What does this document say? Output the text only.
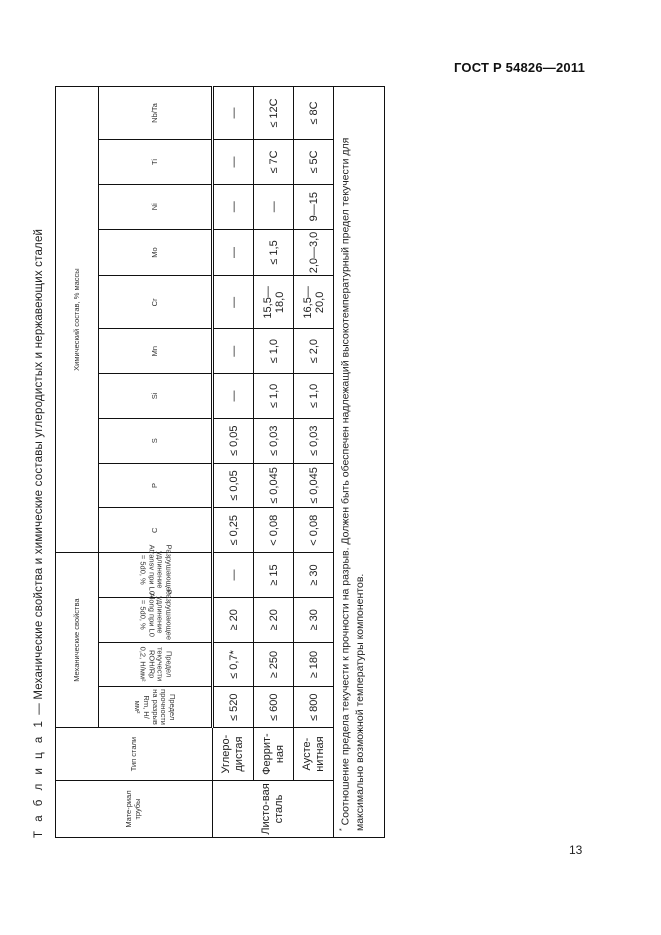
ГОСТ Р 54826—2011
Т а б л и ц а 1 — Механические свойства и химические составы углеродистых и нержавеющих сталей
Мате-риал трубы	Тип стали	Механические свойства				Химический состав, % массы									
		Предел прочности на разрыв Rm, Н/мм²	Предел текучести ROH/Rp 0,2, Н/мм²	Разрушающее удлинение Along при L0 = 5d0, %	Разрушающее удлинение Atransv при L0 = 5d0, %	C	P	S	Si	Mn	Cr	Mo	Ni	Ti	Nb/Ta
Листо-вая сталь	Углеро-дистая	≤ 520	≤ 0,7*	≥ 20	—	≤ 0,25	≤ 0,05	≤ 0,05	—	—	—	—	—	—	—
	Феррит-ная	≤ 600	≥ 250	≥ 20	≥ 15	< 0,08	≤ 0,045	≤ 0,03	≤ 1,0	≤ 1,0	15,5—18,0	≤ 1,5	—	≤ 7C	≤ 12C
	Аусте-нитная	≤ 800	≥ 180	≥ 30	≥ 30	< 0,08	≤ 0,045	≤ 0,03	≤ 1,0	≤ 2,0	16,5—20,0	2,0—3,0	9—15	≤ 5C	≤ 8C
* Соотношение предела текучести к прочности на разрыв. Должен быть обеспечен надлежащий высокотемпературный предел текучести для максимально возможной температуры компонентов.
13
